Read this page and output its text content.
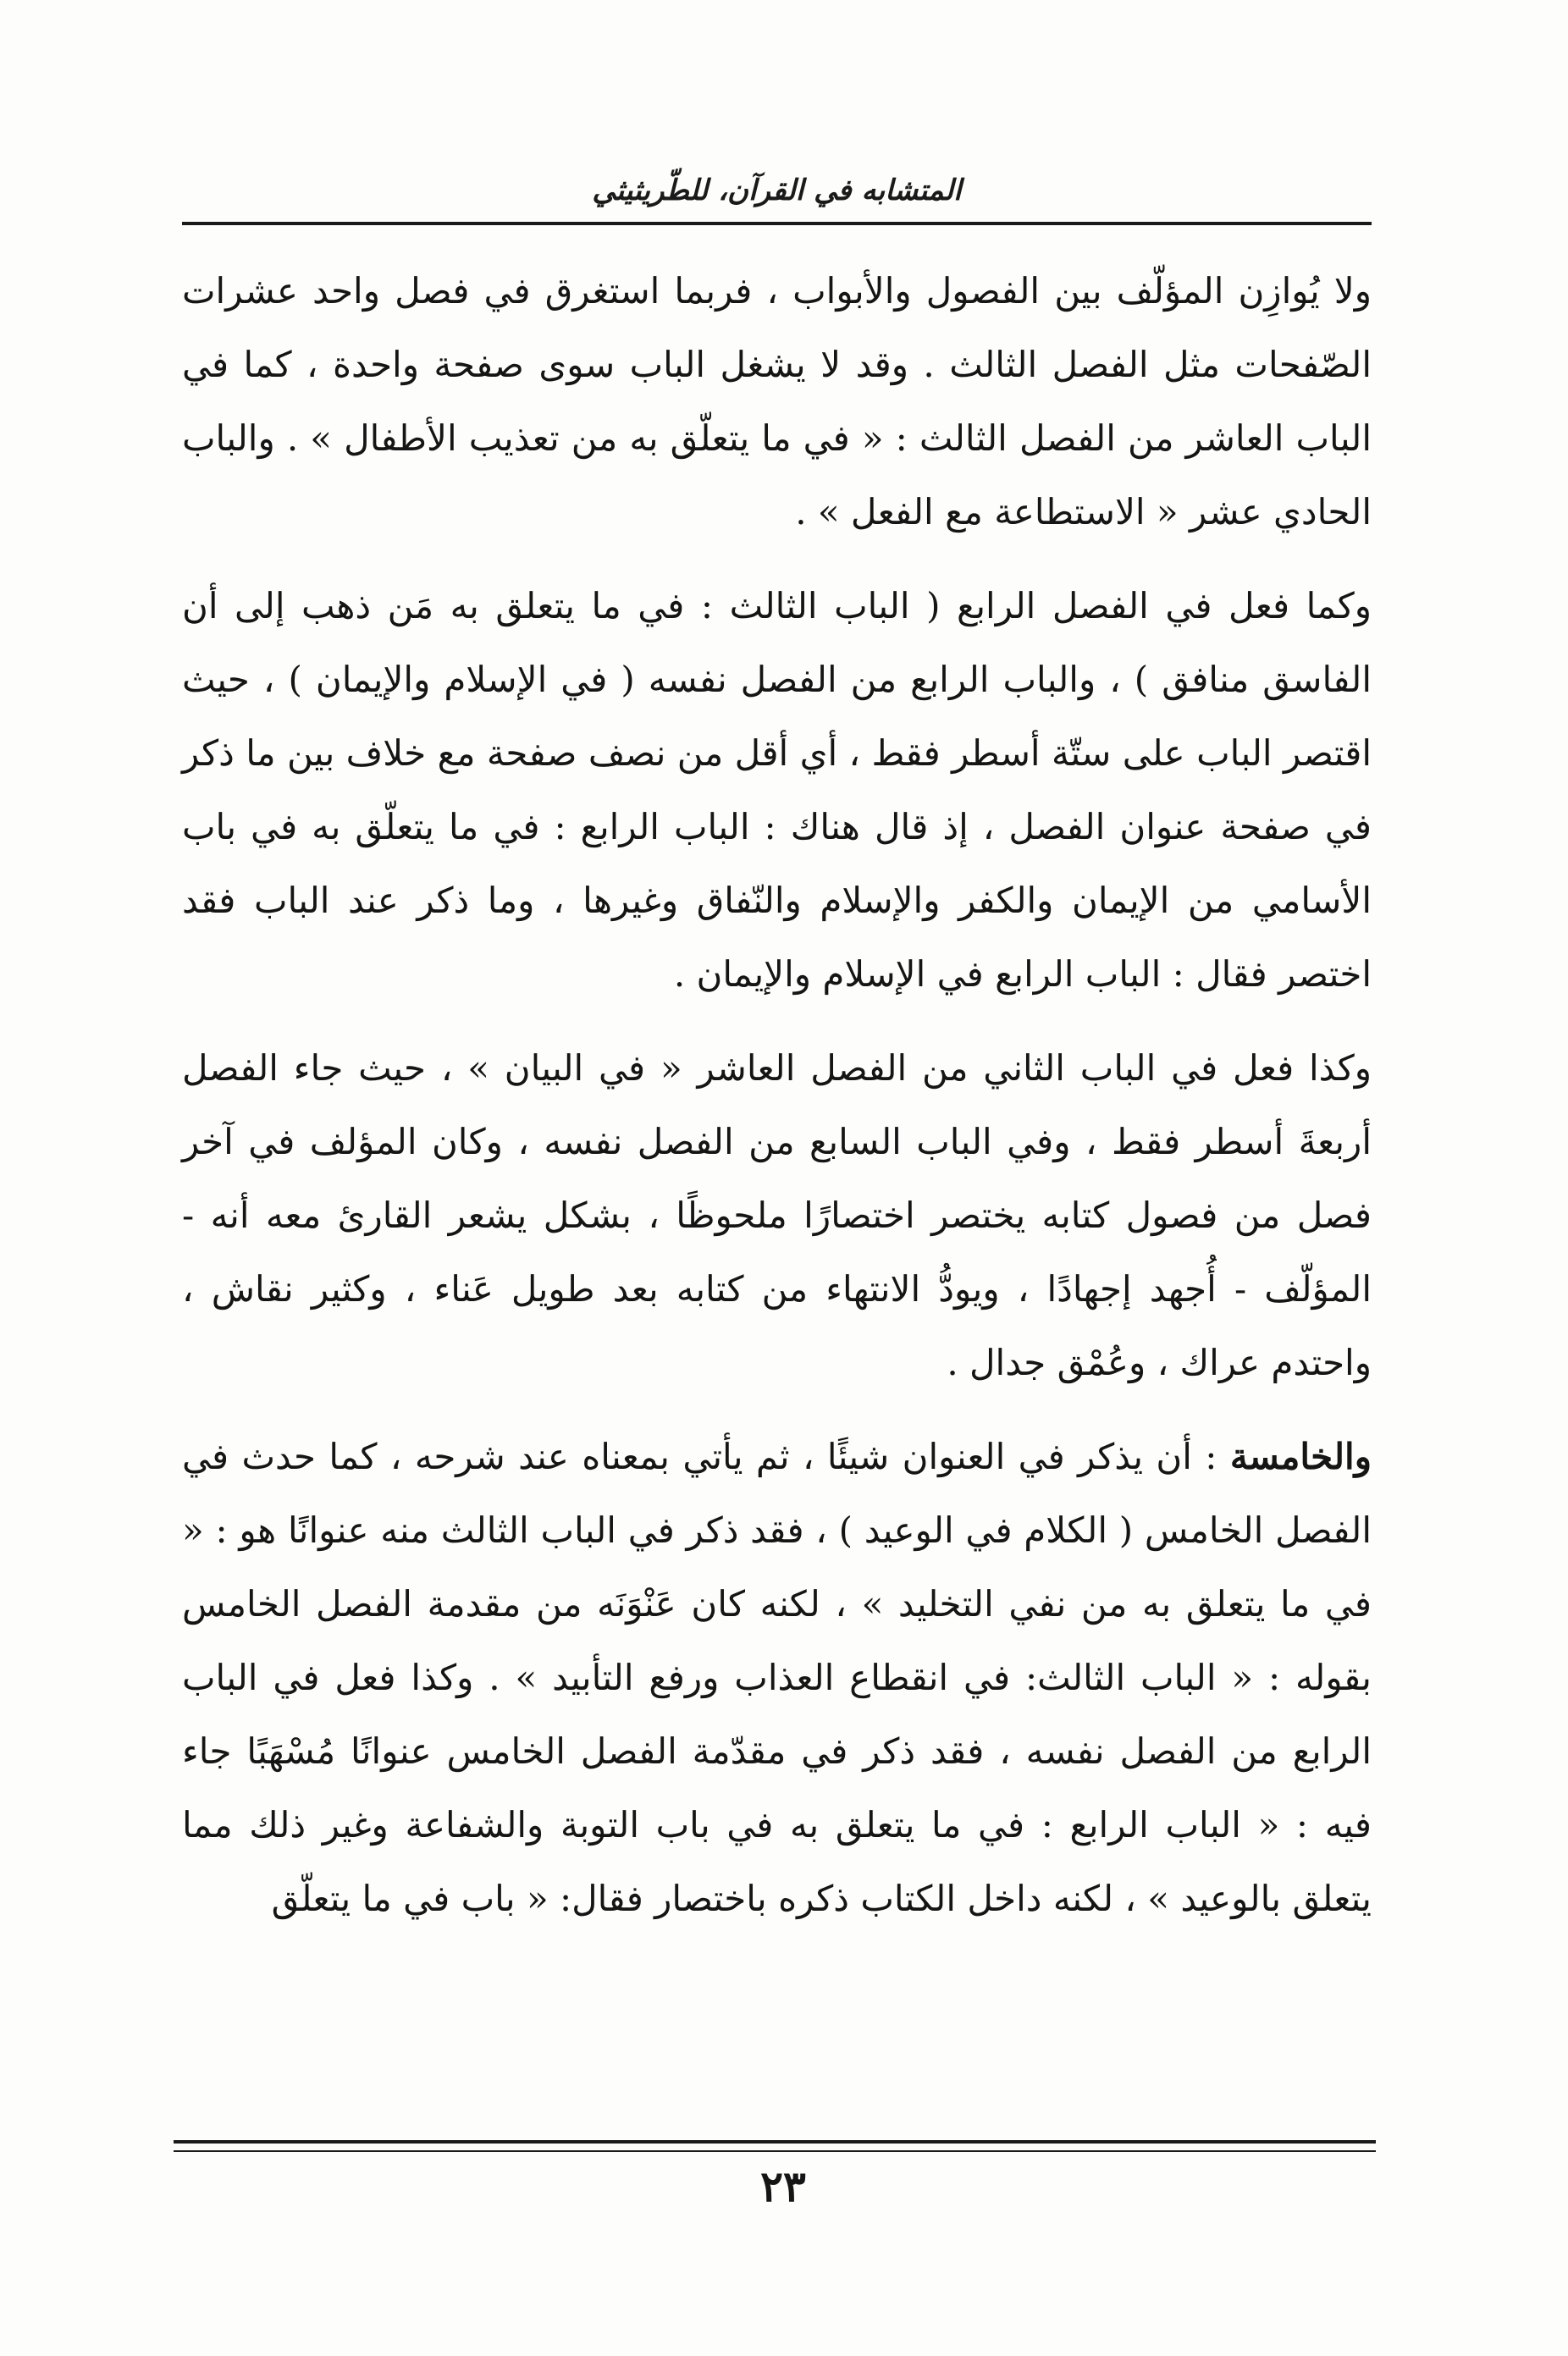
المتشابه في القرآن، للطّريثيثي

ولا يُوازِن المؤلّف بين الفصول والأبواب ، فربما استغرق في فصل واحد عشرات الصّفحات مثل الفصل الثالث . وقد لا يشغل الباب سوى صفحة واحدة ، كما في الباب العاشر من الفصل الثالث : « في ما يتعلّق به من تعذيب الأطفال » . والباب الحادي عشر « الاستطاعة مع الفعل » .

وكما فعل في الفصل الرابع ( الباب الثالث : في ما يتعلق به مَن ذهب إلى أن الفاسق منافق ) ، والباب الرابع من الفصل نفسه ( في الإسلام والإيمان ) ، حيث اقتصر الباب على ستّة أسطر فقط ، أي أقل من نصف صفحة مع خلاف بين ما ذكر في صفحة عنوان الفصل ، إذ قال هناك : الباب الرابع : في ما يتعلّق به في باب الأسامي من الإيمان والكفر والإسلام والنّفاق وغيرها ، وما ذكر عند الباب فقد اختصر فقال : الباب الرابع في الإسلام والإيمان .

وكذا فعل في الباب الثاني من الفصل العاشر « في البيان » ، حيث جاء الفصل أربعةَ أسطر فقط ، وفي الباب السابع من الفصل نفسه ، وكان المؤلف في آخر فصل من فصول كتابه يختصر اختصارًا ملحوظًا ، بشكل يشعر القارئ معه أنه - المؤلّف - أُجهد إجهادًا ، ويودُّ الانتهاء من كتابه بعد طويل عَناء ، وكثير نقاش ، واحتدم عراك ، وعُمْق جدال .

والخامسة : أن يذكر في العنوان شيئًا ، ثم يأتي بمعناه عند شرحه ، كما حدث في الفصل الخامس ( الكلام في الوعيد ) ، فقد ذكر في الباب الثالث منه عنوانًا هو : « في ما يتعلق به من نفي التخليد » ، لكنه كان عَنْوَنَه من مقدمة الفصل الخامس بقوله : « الباب الثالث: في انقطاع العذاب ورفع التأبيد » . وكذا فعل في الباب الرابع من الفصل نفسه ، فقد ذكر في مقدّمة الفصل الخامس عنوانًا مُسْهَبًا جاء فيه : « الباب الرابع : في ما يتعلق به في باب التوبة والشفاعة وغير ذلك مما يتعلق بالوعيد » ، لكنه داخل الكتاب ذكره باختصار فقال: « باب في ما يتعلّق

٢٣
